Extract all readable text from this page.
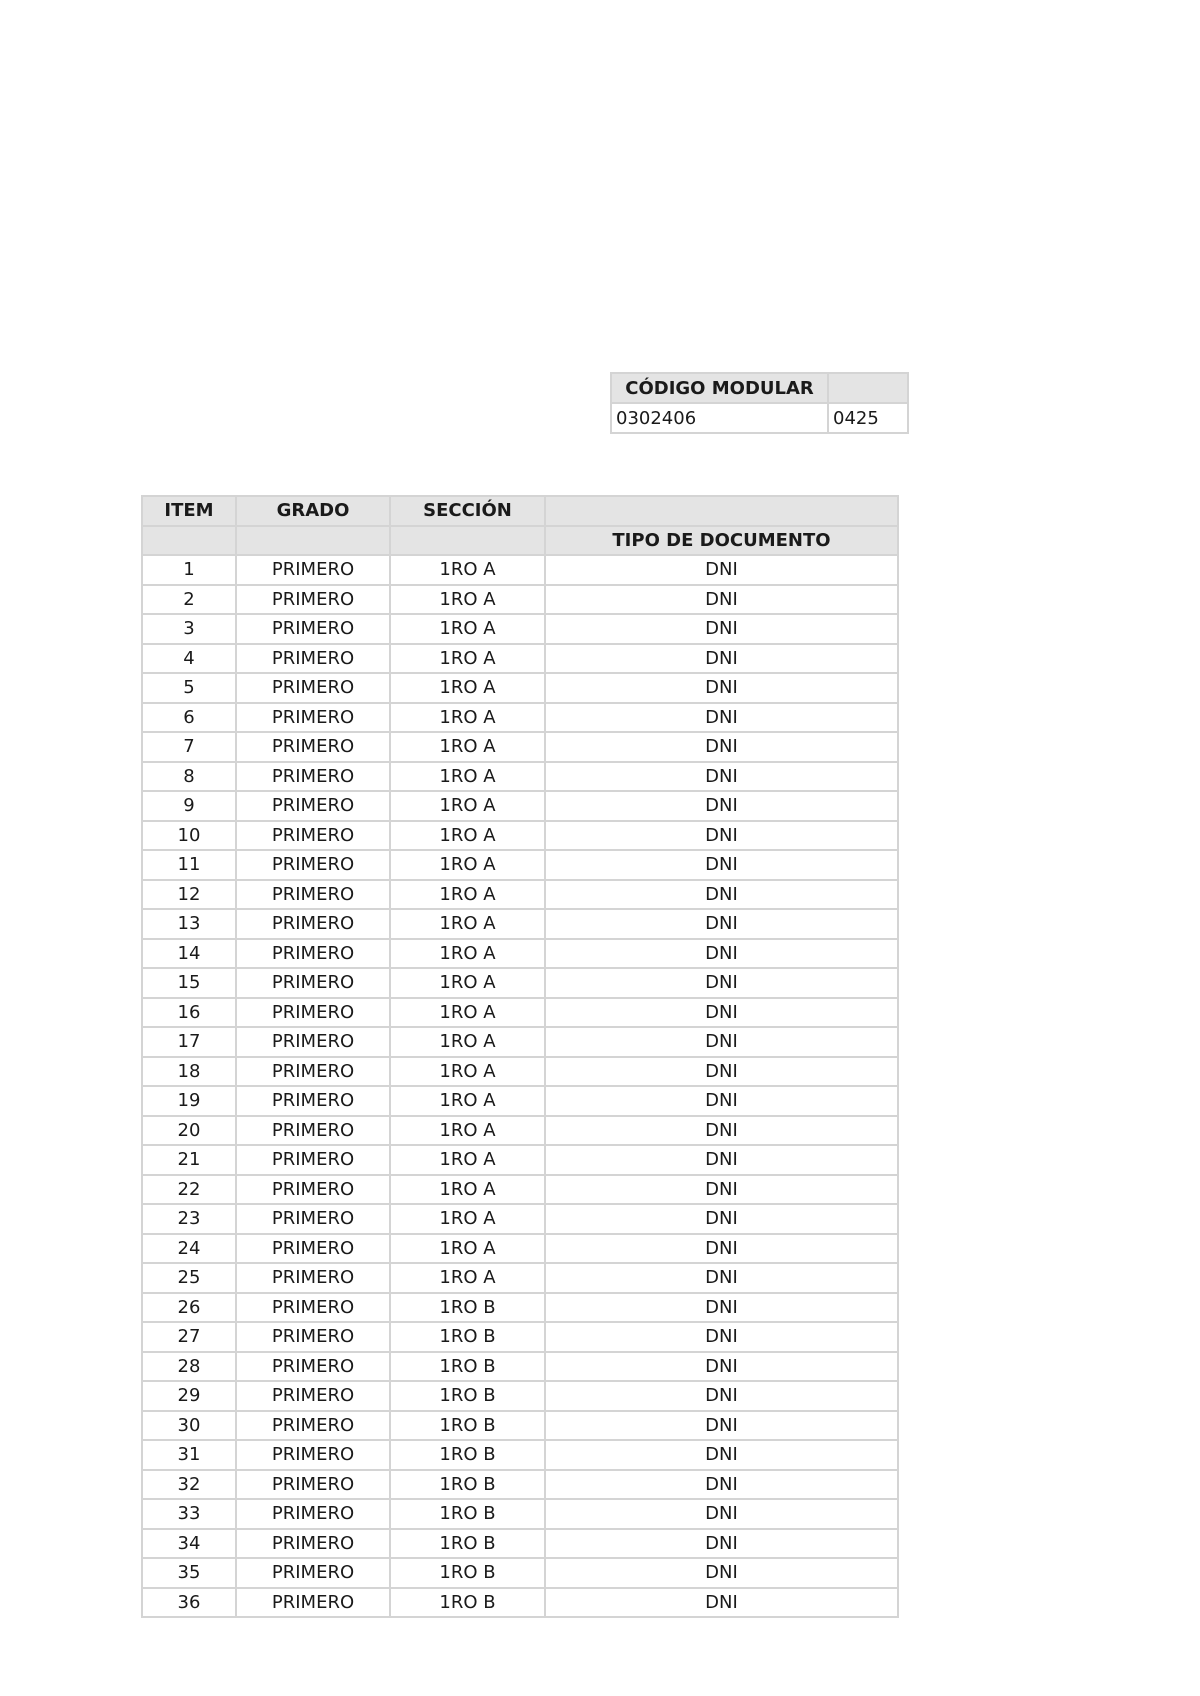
CÓDIGO MODULAR	
0302406	0425
ITEM	GRADO	SECCIÓN	
			TIPO DE DOCUMENTO
1	PRIMERO	1RO A	DNI
2	PRIMERO	1RO A	DNI
3	PRIMERO	1RO A	DNI
4	PRIMERO	1RO A	DNI
5	PRIMERO	1RO A	DNI
6	PRIMERO	1RO A	DNI
7	PRIMERO	1RO A	DNI
8	PRIMERO	1RO A	DNI
9	PRIMERO	1RO A	DNI
10	PRIMERO	1RO A	DNI
11	PRIMERO	1RO A	DNI
12	PRIMERO	1RO A	DNI
13	PRIMERO	1RO A	DNI
14	PRIMERO	1RO A	DNI
15	PRIMERO	1RO A	DNI
16	PRIMERO	1RO A	DNI
17	PRIMERO	1RO A	DNI
18	PRIMERO	1RO A	DNI
19	PRIMERO	1RO A	DNI
20	PRIMERO	1RO A	DNI
21	PRIMERO	1RO A	DNI
22	PRIMERO	1RO A	DNI
23	PRIMERO	1RO A	DNI
24	PRIMERO	1RO A	DNI
25	PRIMERO	1RO A	DNI
26	PRIMERO	1RO B	DNI
27	PRIMERO	1RO B	DNI
28	PRIMERO	1RO B	DNI
29	PRIMERO	1RO B	DNI
30	PRIMERO	1RO B	DNI
31	PRIMERO	1RO B	DNI
32	PRIMERO	1RO B	DNI
33	PRIMERO	1RO B	DNI
34	PRIMERO	1RO B	DNI
35	PRIMERO	1RO B	DNI
36	PRIMERO	1RO B	DNI
